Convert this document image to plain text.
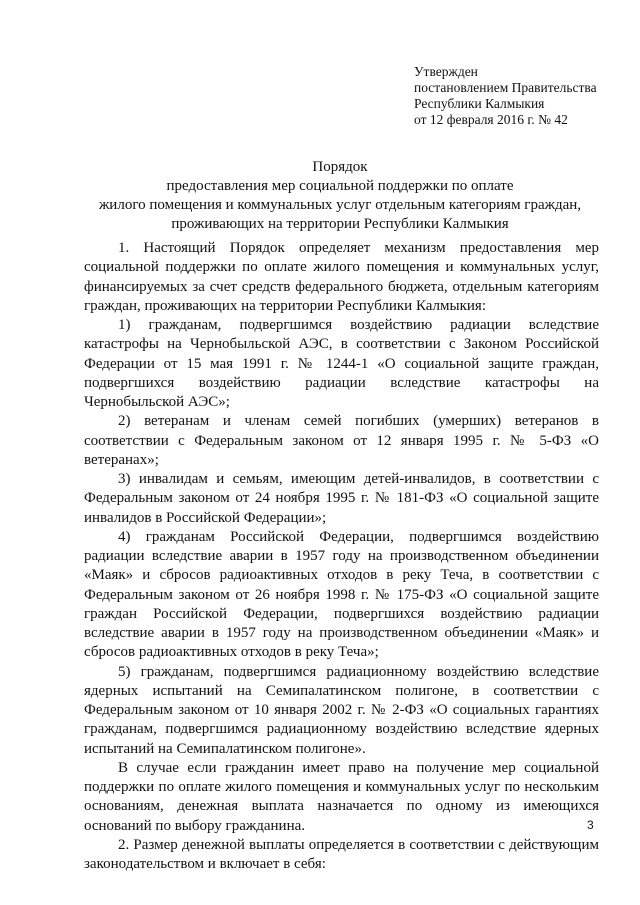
Утвержден
постановлением Правительства
Республики Калмыкия
от 12 февраля 2016 г. № 42
Порядок
предоставления мер социальной поддержки по оплате
жилого помещения и коммунальных услуг отдельным категориям граждан,
проживающих на территории Республики Калмыкия

1. Настоящий Порядок определяет механизм предоставления мер социальной поддержки по оплате жилого помещения и коммунальных услуг, финансируемых за счет средств федерального бюджета, отдельным категориям граждан, проживающих на территории Республики Калмыкия:

1) гражданам, подвергшимся воздействию радиации вследствие катастрофы на Чернобыльской АЭС, в соответствии с Законом Российской Федерации от 15 мая 1991 г. № 1244-1 «О социальной защите граждан, подвергшихся воздействию радиации вследствие катастрофы на Чернобыльской АЭС»;

2) ветеранам и членам семей погибших (умерших) ветеранов в соответствии с Федеральным законом от 12 января 1995 г. № 5-ФЗ «О ветеранах»;

3) инвалидам и семьям, имеющим детей-инвалидов, в соответствии с Федеральным законом от 24 ноября 1995 г. № 181-ФЗ «О социальной защите инвалидов в Российской Федерации»;

4) гражданам Российской Федерации, подвергшимся воздействию радиации вследствие аварии в 1957 году на производственном объединении «Маяк» и сбросов радиоактивных отходов в реку Теча, в соответствии с Федеральным законом от 26 ноября 1998 г. № 175-ФЗ «О социальной защите граждан Российской Федерации, подвергшихся воздействию радиации вследствие аварии в 1957 году на производственном объединении «Маяк» и сбросов радиоактивных отходов в реку Теча»;

5) гражданам, подвергшимся радиационному воздействию вследствие ядерных испытаний на Семипалатинском полигоне, в соответствии с Федеральным законом от 10 января 2002 г. № 2-ФЗ «О социальных гарантиях гражданам, подвергшимся радиационному воздействию вследствие ядерных испытаний на Семипалатинском полигоне».

В случае если гражданин имеет право на получение мер социальной поддержки по оплате жилого помещения и коммунальных услуг по нескольким основаниям, денежная выплата назначается по одному из имеющихся оснований по выбору гражданина.

2. Размер денежной выплаты определяется в соответствии с действующим законодательством и включает в себя:

3
